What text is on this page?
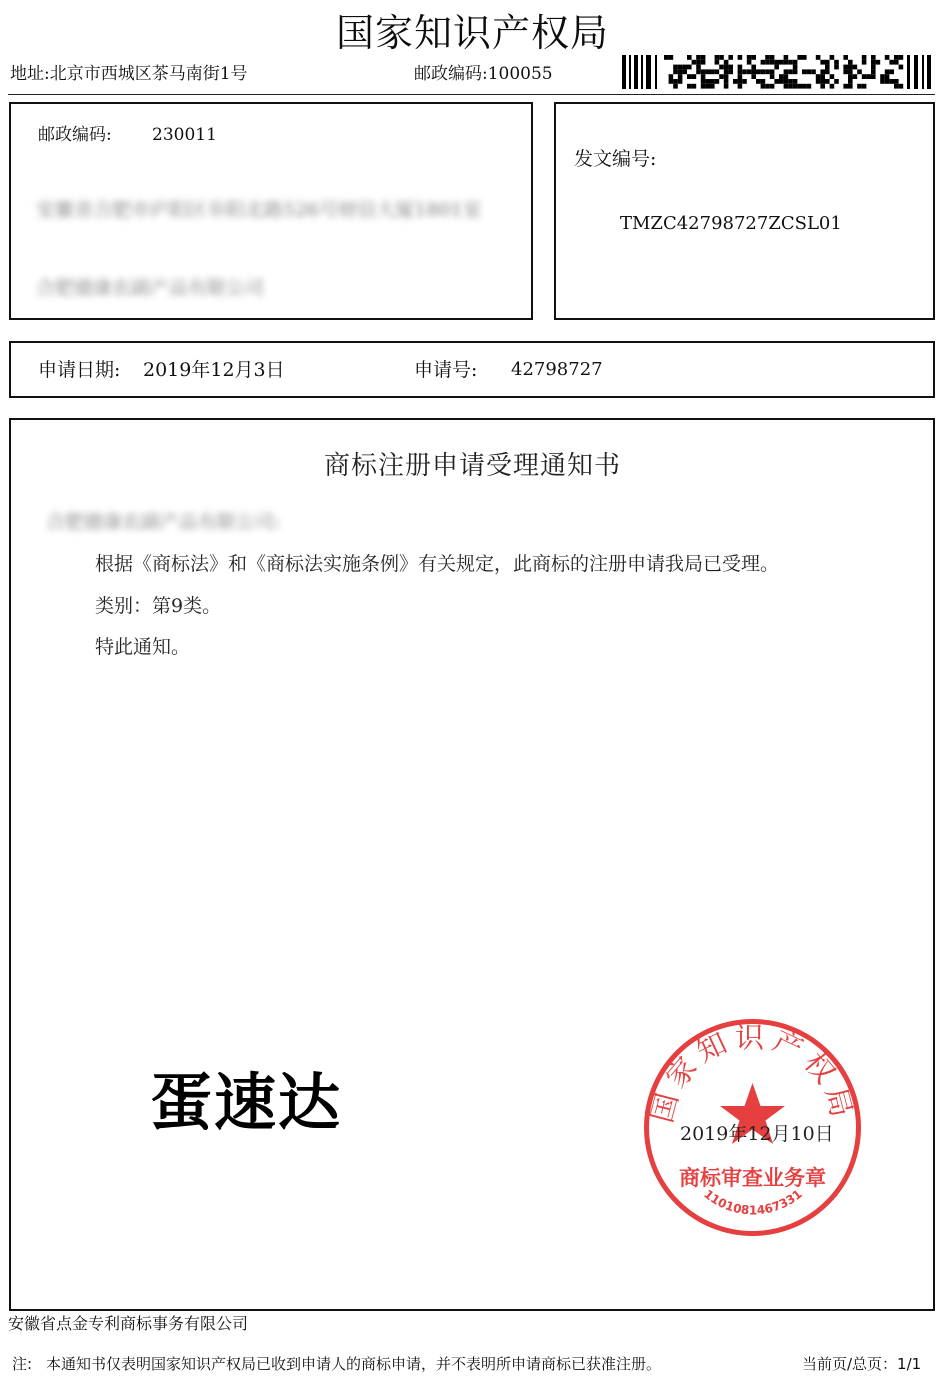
国家知识产权局
地址:北京市西城区茶马南街1号	邮政编码:100055
邮政编码: 230011
安徽省合肥市庐阳区阜阳北路526号财信大厦1801室
合肥德康农副产品有限公司
发文编号:
TMZC42798727ZCSL01
申请日期: 2019年12月3日	申请号: 42798727
商标注册申请受理通知书
合肥德康农副产品有限公司:
根据《商标法》和《商标法实施条例》有关规定，此商标的注册申请我局已受理。
类别：第9类。
特此通知。
蛋速达	国家知识产权局
商标审查业务章
1101081467331
2019年12月10日
安徽省点金专利商标事务有限公司
注: 本通知书仅表明国家知识产权局已收到申请人的商标申请，并不表明所申请商标已获准注册。	当前页/总页：1/1
